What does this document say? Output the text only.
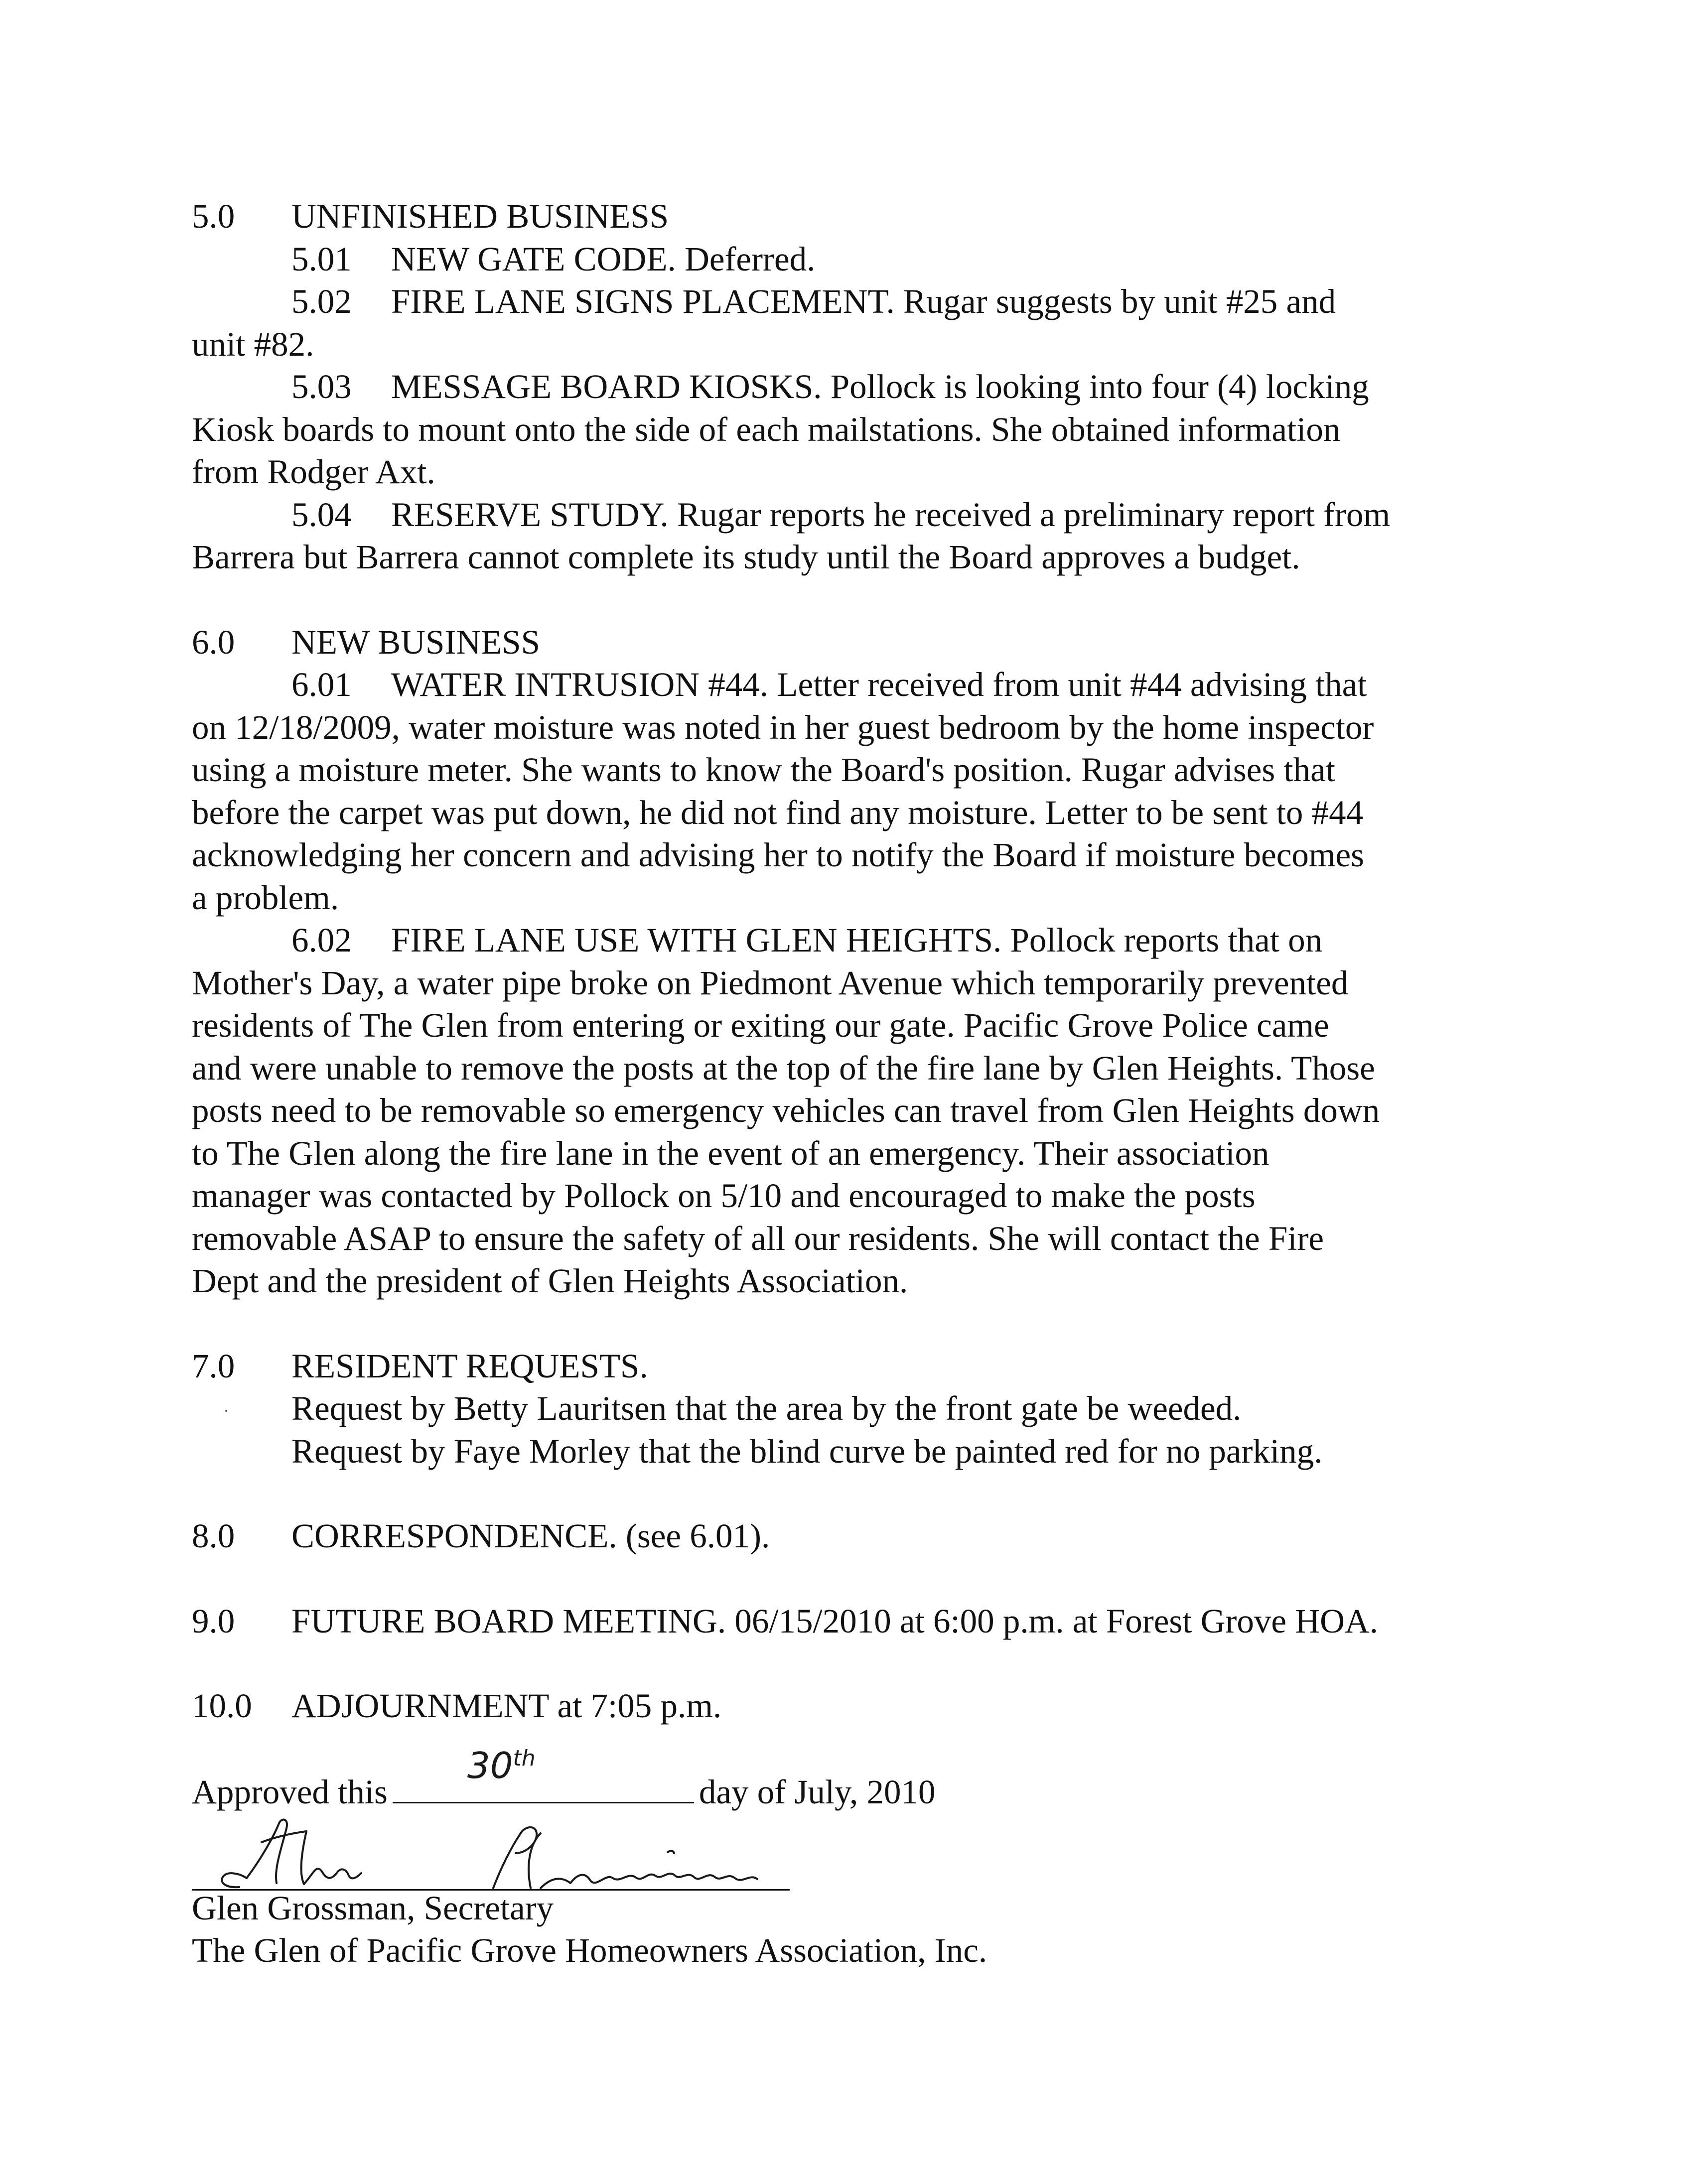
5.0 UNFINISHED BUSINESS
5.01 NEW GATE CODE. Deferred.
5.02 FIRE LANE SIGNS PLACEMENT. Rugar suggests by unit #25 and
unit #82.
5.03 MESSAGE BOARD KIOSKS. Pollock is looking into four (4) locking
Kiosk boards to mount onto the side of each mailstations. She obtained information
from Rodger Axt.
5.04 RESERVE STUDY. Rugar reports he received a preliminary report from
Barrera but Barrera cannot complete its study until the Board approves a budget.
6.0 NEW BUSINESS
6.01 WATER INTRUSION #44. Letter received from unit #44 advising that
on 12/18/2009, water moisture was noted in her guest bedroom by the home inspector
using a moisture meter. She wants to know the Board's position. Rugar advises that
before the carpet was put down, he did not find any moisture. Letter to be sent to #44
acknowledging her concern and advising her to notify the Board if moisture becomes
a problem.
6.02 FIRE LANE USE WITH GLEN HEIGHTS. Pollock reports that on
Mother's Day, a water pipe broke on Piedmont Avenue which temporarily prevented
residents of The Glen from entering or exiting our gate. Pacific Grove Police came
and were unable to remove the posts at the top of the fire lane by Glen Heights. Those
posts need to be removable so emergency vehicles can travel from Glen Heights down
to The Glen along the fire lane in the event of an emergency. Their association
manager was contacted by Pollock on 5/10 and encouraged to make the posts
removable ASAP to ensure the safety of all our residents. She will contact the Fire
Dept and the president of Glen Heights Association.
7.0 RESIDENT REQUESTS.
Request by Betty Lauritsen that the area by the front gate be weeded.
Request by Faye Morley that the blind curve be painted red for no parking.
8.0 CORRESPONDENCE. (see 6.01).
9.0 FUTURE BOARD MEETING. 06/15/2010 at 6:00 p.m. at Forest Grove HOA.
10.0 ADJOURNMENT at 7:05 p.m.
Approved this
30th
day of July, 2010
Glen Grossman, Secretary
The Glen of Pacific Grove Homeowners Association, Inc.
